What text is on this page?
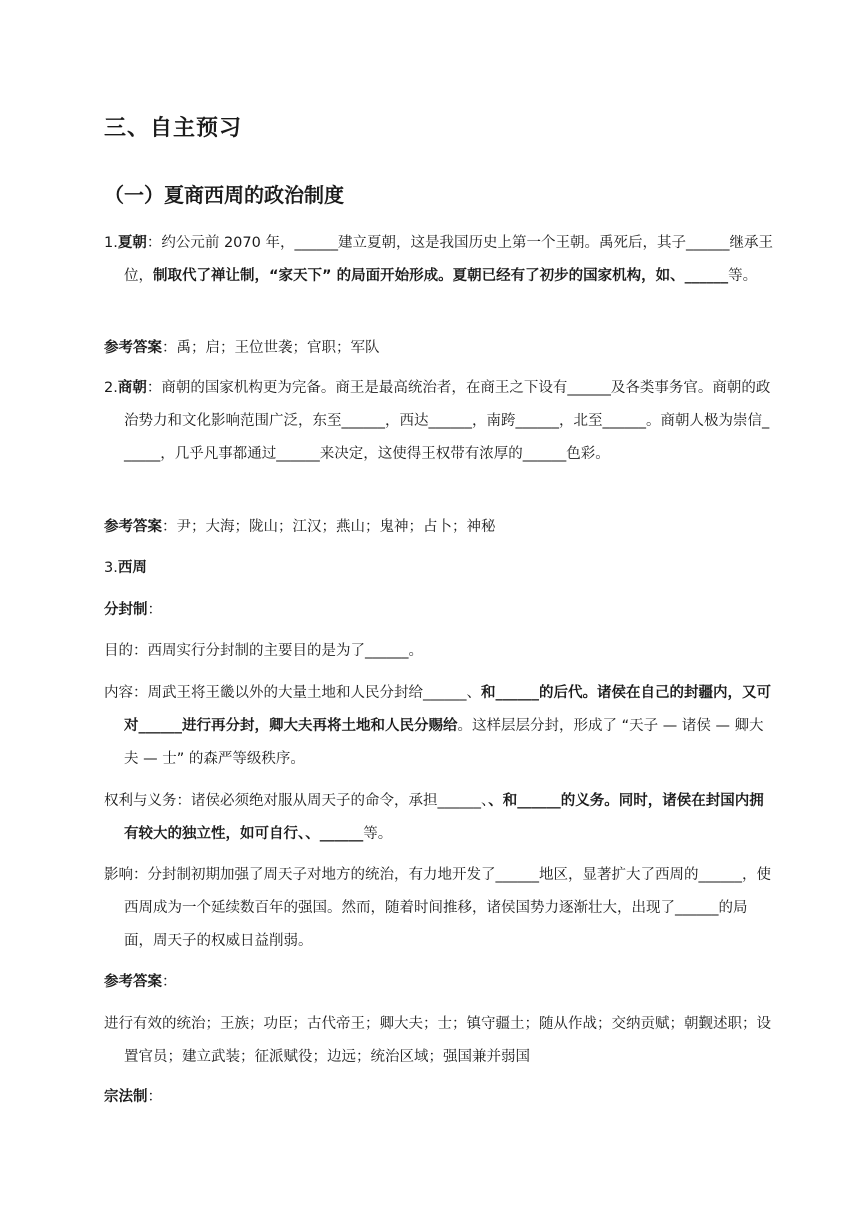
三、自主预习
（一）夏商西周的政治制度

1.夏朝：约公元前 2070 年，______建立夏朝，这是我国历史上第一个王朝。禹死后，其子______继承王位，制取代了禅让制，“家天下” 的局面开始形成。夏朝已经有了初步的国家机构，如、______等。

参考答案：禹；启；王位世袭；官职；军队

2.商朝：商朝的国家机构更为完备。商王是最高统治者，在商王之下设有______及各类事务官。商朝的政治势力和文化影响范围广泛，东至______，西达______，南跨______，北至______。商朝人极为崇信______，几乎凡事都通过______来决定，这使得王权带有浓厚的______色彩。

参考答案：尹；大海；陇山；江汉；燕山；鬼神；占卜；神秘

3.西周

分封制：

目的：西周实行分封制的主要目的是为了______。

内容：周武王将王畿以外的大量土地和人民分封给______、和______的后代。诸侯在自己的封疆内，又可对______进行再分封，卿大夫再将土地和人民分赐给。这样层层分封，形成了 “天子 — 诸侯 — 卿大夫 — 士” 的森严等级秩序。

权利与义务：诸侯必须绝对服从周天子的命令，承担______、、和______的义务。同时，诸侯在封国内拥有较大的独立性，如可自行、、______等。

影响：分封制初期加强了周天子对地方的统治，有力地开发了______地区，显著扩大了西周的______，使西周成为一个延续数百年的强国。然而，随着时间推移，诸侯国势力逐渐壮大，出现了______的局面，周天子的权威日益削弱。

参考答案：

进行有效的统治；王族；功臣；古代帝王；卿大夫；士；镇守疆土；随从作战；交纳贡赋；朝觐述职；设置官员；建立武装；征派赋役；边远；统治区域；强国兼并弱国

宗法制：
